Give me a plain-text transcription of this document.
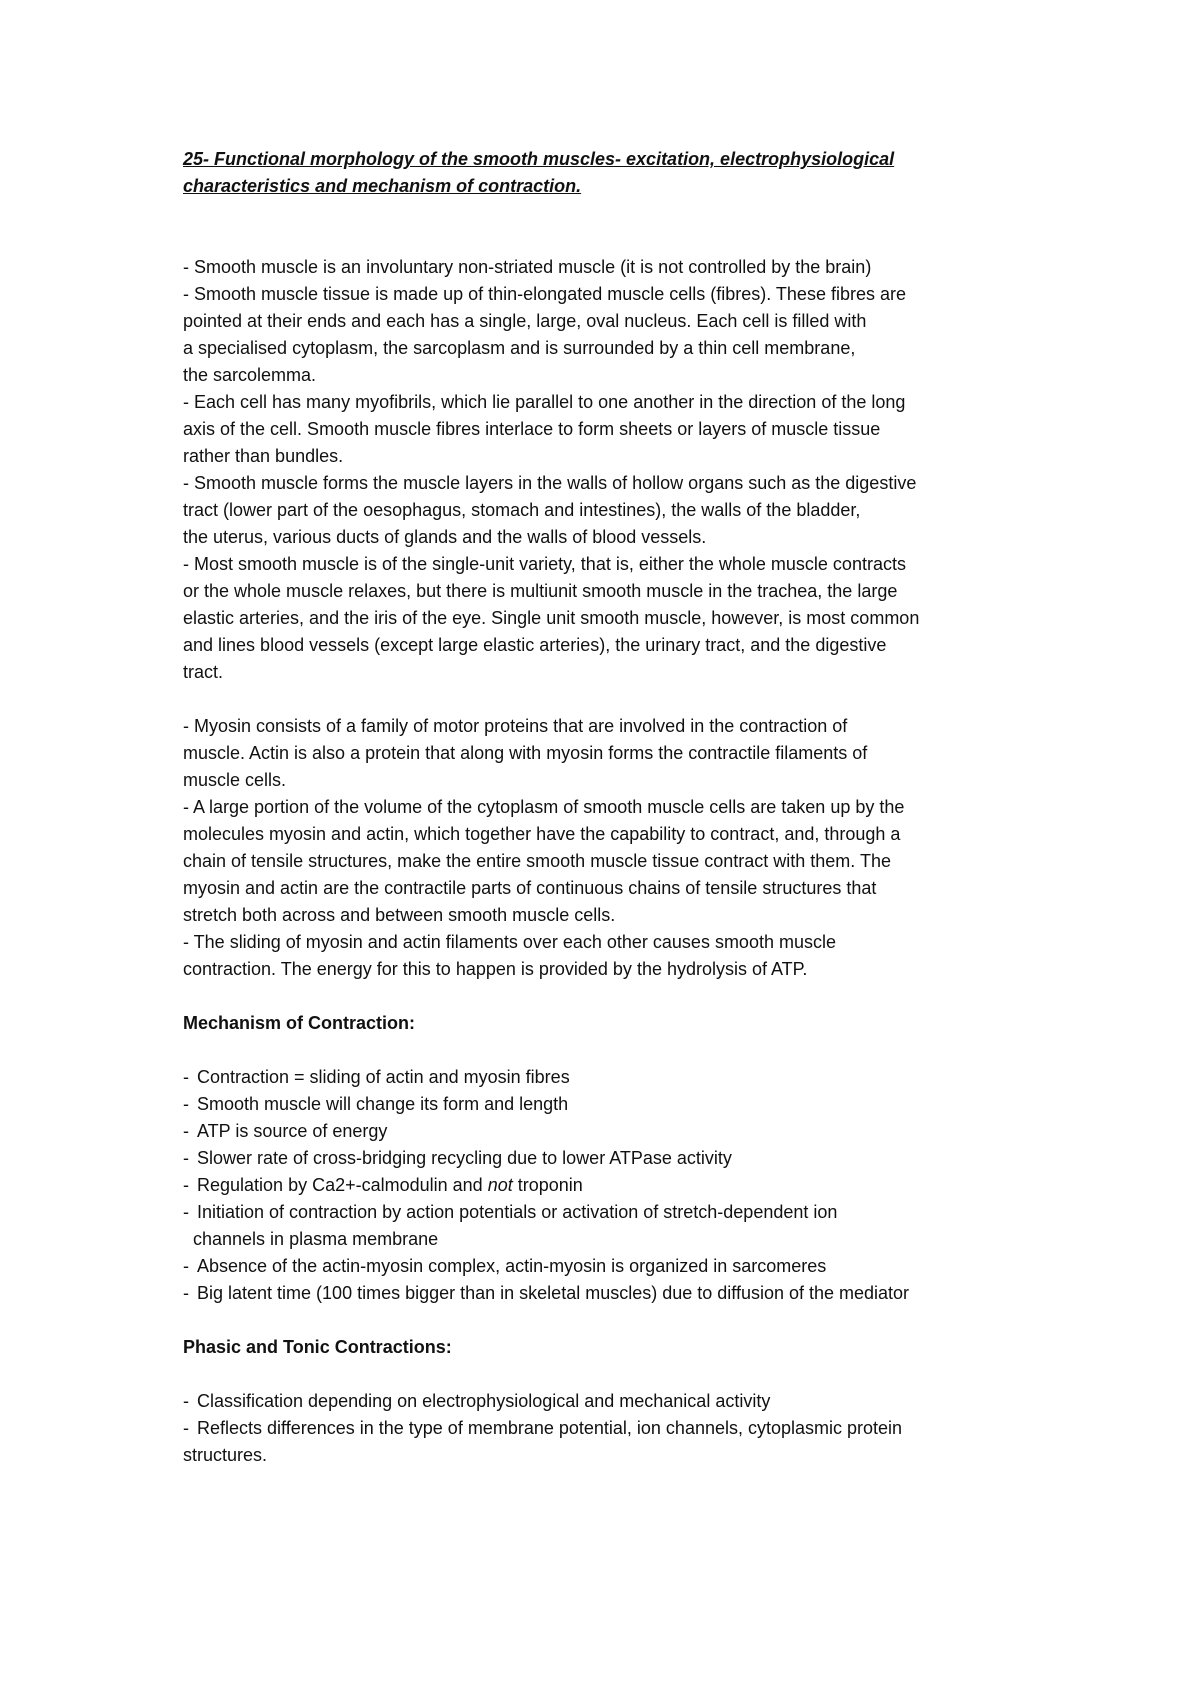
25- Functional morphology of the smooth muscles- excitation, electrophysiological

characteristics and mechanism of contraction.

- Smooth muscle is an involuntary non-striated muscle (it is not controlled by the brain)

- Smooth muscle tissue is made up of thin-elongated muscle cells (fibres). These fibres are

pointed at their ends and each has a single, large, oval nucleus. Each cell is filled with

a specialised cytoplasm, the sarcoplasm and is surrounded by a thin cell membrane,

the sarcolemma.

- Each cell has many myofibrils, which lie parallel to one another in the direction of the long

axis of the cell. Smooth muscle fibres interlace to form sheets or layers of muscle tissue

rather than bundles.

- Smooth muscle forms the muscle layers in the walls of hollow organs such as the digestive

tract (lower part of the oesophagus, stomach and intestines), the walls of the bladder,

the uterus, various ducts of glands and the walls of blood vessels.

- Most smooth muscle is of the single-unit variety, that is, either the whole muscle contracts

or the whole muscle relaxes, but there is multiunit smooth muscle in the trachea, the large

elastic arteries, and the iris of the eye. Single unit smooth muscle, however, is most common

and lines blood vessels (except large elastic arteries), the urinary tract, and the digestive

tract.

- Myosin consists of a family of motor proteins that are involved in the contraction of

muscle. Actin is also a protein that along with myosin forms the contractile filaments of

muscle cells.

- A large portion of the volume of the cytoplasm of smooth muscle cells are taken up by the

molecules myosin and actin, which together have the capability to contract, and, through a

chain of tensile structures, make the entire smooth muscle tissue contract with them. The

myosin and actin are the contractile parts of continuous chains of tensile structures that

stretch both across and between smooth muscle cells.

- The sliding of myosin and actin filaments over each other causes smooth muscle

contraction. The energy for this to happen is provided by the hydrolysis of ATP.

Mechanism of Contraction:

- Contraction = sliding of actin and myosin fibres
- Smooth muscle will change its form and length
- ATP is source of energy
- Slower rate of cross-bridging recycling due to lower ATPase activity
- Regulation by Ca2+-calmodulin and not troponin
- Initiation of contraction by action potentials or activation of stretch-dependent ion
channels in plasma membrane
- Absence of the actin-myosin complex, actin-myosin is organized in sarcomeres
- Big latent time (100 times bigger than in skeletal muscles) due to diffusion of the mediator

Phasic and Tonic Contractions:

- Classification depending on electrophysiological and mechanical activity
- Reflects differences in the type of membrane potential, ion channels, cytoplasmic protein

structures.
